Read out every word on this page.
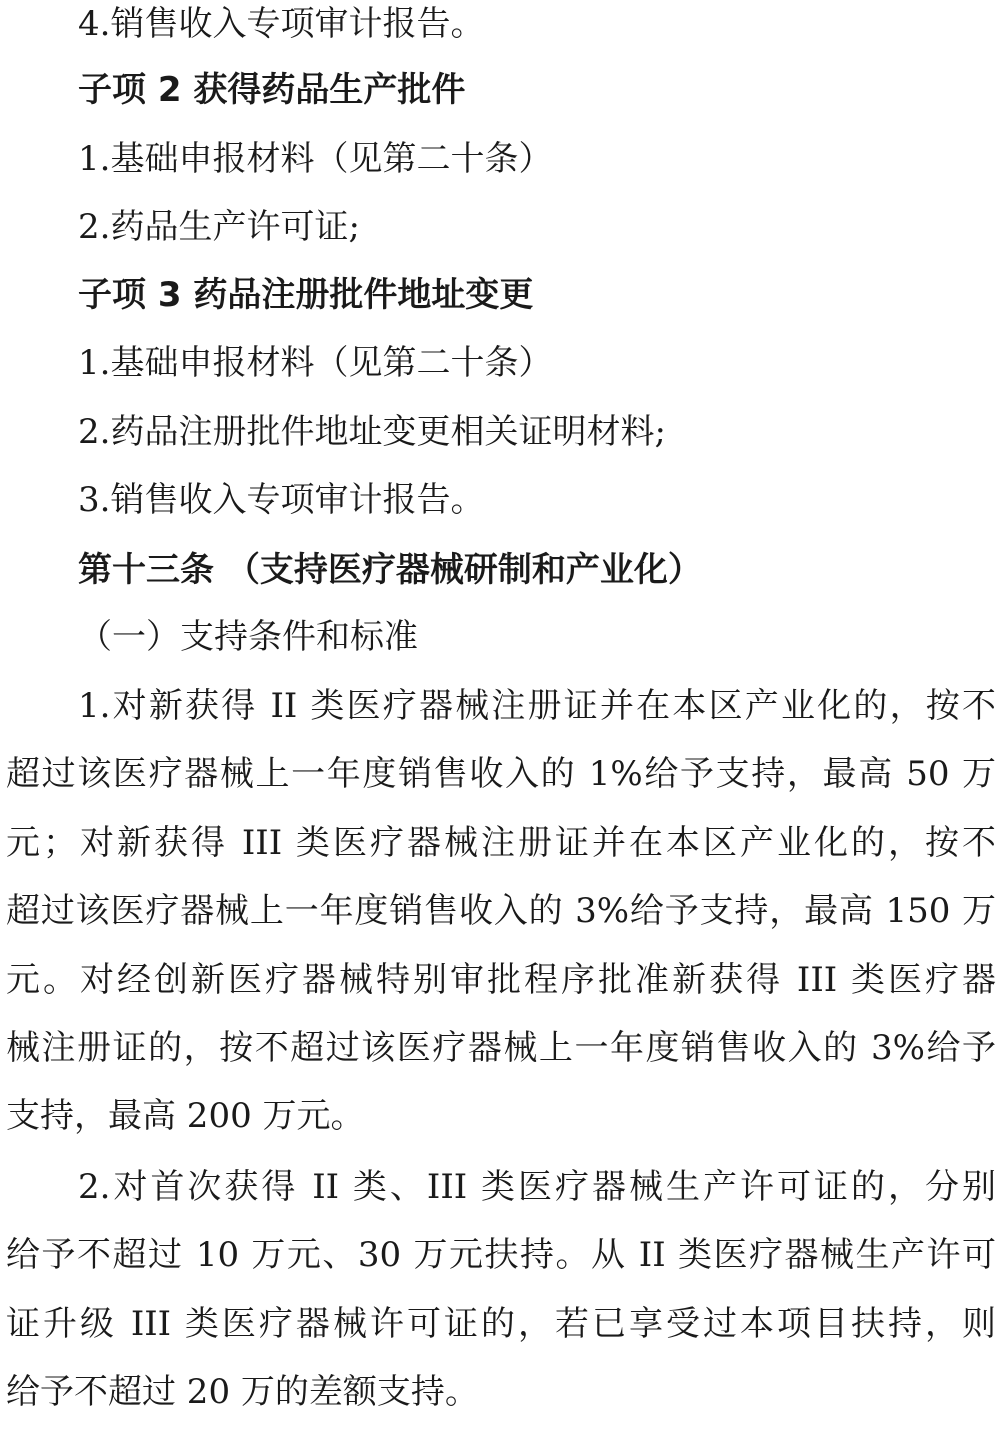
4.销售收入专项审计报告。
子项 2 获得药品生产批件
1.基础申报材料（见第二十条）
2.药品生产许可证;
子项 3 药品注册批件地址变更
1.基础申报材料（见第二十条）
2.药品注册批件地址变更相关证明材料;
3.销售收入专项审计报告。
第十三条 （支持医疗器械研制和产业化）
（一）支持条件和标准
1.对新获得 II 类医疗器械注册证并在本区产业化的，按不
超过该医疗器械上一年度销售收入的 1%给予支持，最高 50 万
元；对新获得 III 类医疗器械注册证并在本区产业化的，按不
超过该医疗器械上一年度销售收入的 3%给予支持，最高 150 万
元。对经创新医疗器械特别审批程序批准新获得 III 类医疗器
械注册证的，按不超过该医疗器械上一年度销售收入的 3%给予
支持，最高 200 万元。
2.对首次获得 II 类、III 类医疗器械生产许可证的，分别
给予不超过 10 万元、30 万元扶持。从 II 类医疗器械生产许可
证升级 III 类医疗器械许可证的，若已享受过本项目扶持，则
给予不超过 20 万的差额支持。
